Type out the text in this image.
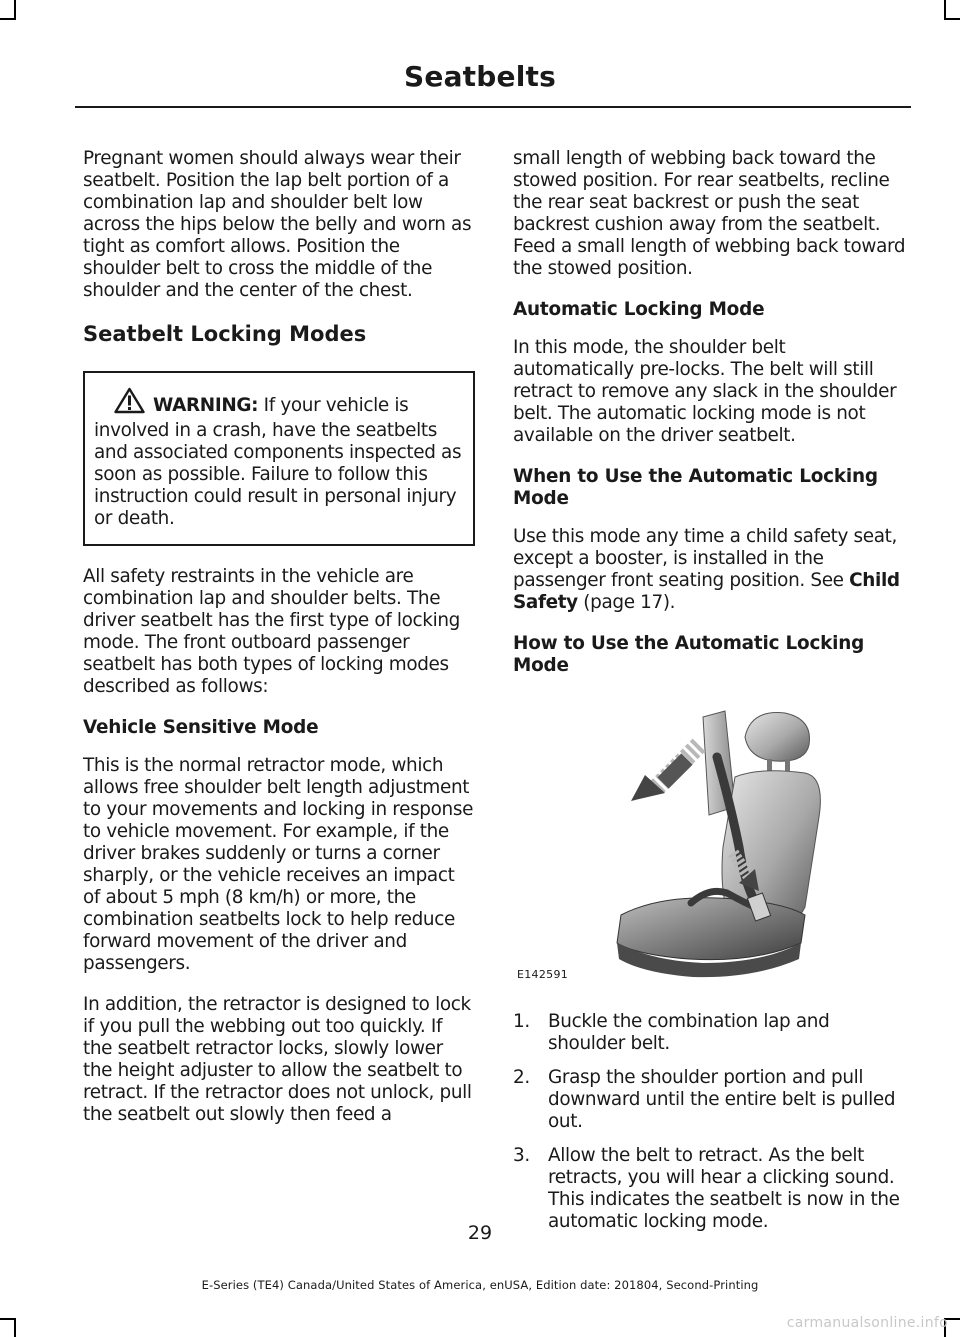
Seatbelts

Pregnant women should always wear their seatbelt. Position the lap belt portion of a combination lap and shoulder belt low across the hips below the belly and worn as tight as comfort allows. Position the shoulder belt to cross the middle of the shoulder and the center of the chest.

Seatbelt Locking Modes
WARNING: If your vehicle is involved in a crash, have the seatbelts and associated components inspected as soon as possible. Failure to follow this instruction could result in personal injury or death.

All safety restraints in the vehicle are combination lap and shoulder belts. The driver seatbelt has the first type of locking mode. The front outboard passenger seatbelt has both types of locking modes described as follows:

Vehicle Sensitive Mode

This is the normal retractor mode, which allows free shoulder belt length adjustment to your movements and locking in response to vehicle movement. For example, if the driver brakes suddenly or turns a corner sharply, or the vehicle receives an impact of about 5 mph (8 km/h) or more, the combination seatbelts lock to help reduce forward movement of the driver and passengers.

In addition, the retractor is designed to lock if you pull the webbing out too quickly. If the seatbelt retractor locks, slowly lower the height adjuster to allow the seatbelt to retract. If the retractor does not unlock, pull the seatbelt out slowly then feed a

small length of webbing back toward the stowed position. For rear seatbelts, recline the rear seat backrest or push the seat backrest cushion away from the seatbelt. Feed a small length of webbing back toward the stowed position.

Automatic Locking Mode

In this mode, the shoulder belt automatically pre-locks. The belt will still retract to remove any slack in the shoulder belt. The automatic locking mode is not available on the driver seatbelt.

When to Use the Automatic Locking Mode

Use this mode any time a child safety seat, except a booster, is installed in the passenger front seating position. See Child Safety (page 17).

How to Use the Automatic Locking Mode
E142591
1. Buckle the combination lap and shoulder belt.
2. Grasp the shoulder portion and pull downward until the entire belt is pulled out.
3. Allow the belt to retract. As the belt retracts, you will hear a clicking sound. This indicates the seatbelt is now in the automatic locking mode.
29
E-Series (TE4) Canada/United States of America, enUSA, Edition date: 201804, Second-Printing
carmanualsonline.info
